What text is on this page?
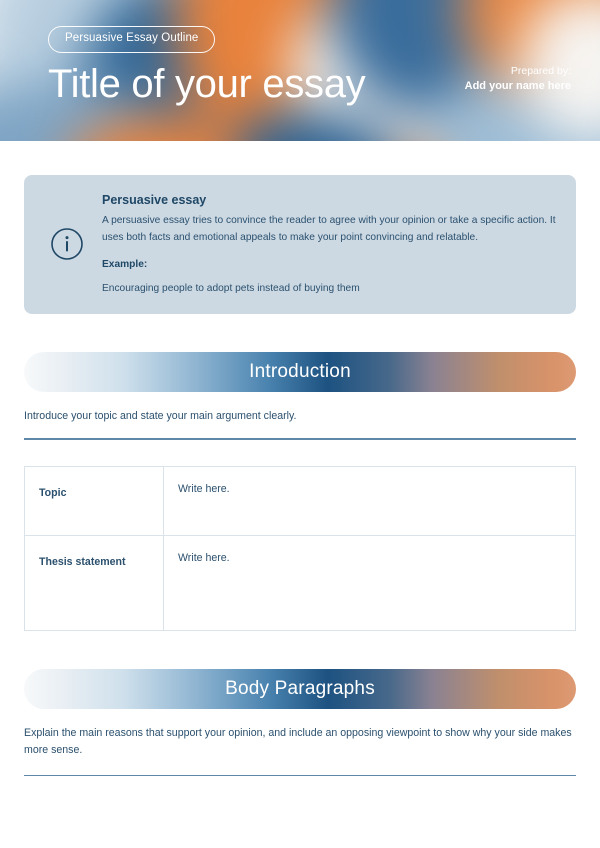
Persuasive Essay Outline
Title of your essay	Prepared by:
Add your name here
Persuasive essay
A persuasive essay tries to convince the reader to agree with your opinion or take a specific action. It uses both facts and emotional appeals to make your point convincing and relatable.
Example:
Encouraging people to adopt pets instead of buying them
Introduction
Introduce your topic and state your main argument clearly.
Topic	Write here.
Thesis statement	Write here.
Body Paragraphs
Explain the main reasons that support your opinion, and include an opposing viewpoint to show why your side makes more sense.
